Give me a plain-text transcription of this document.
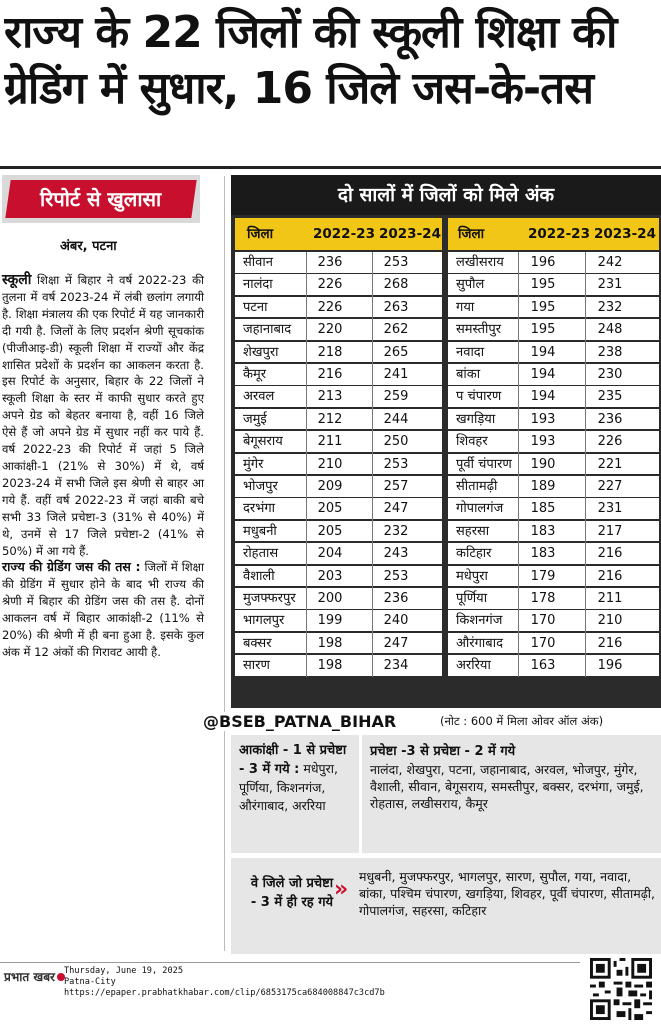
राज्य के 22 जिलों की स्कूली शिक्षा की
ग्रेडिंग में सुधार, 16 जिले जस-के-तस
रिपोर्ट से खुलासा
अंबर, पटना

स्कूली शिक्षा में बिहार ने वर्ष 2022-23 की तुलना में वर्ष 2023-24 में लंबी छलांग लगायी है. शिक्षा मंत्रालय की एक रिपोर्ट में यह जानकारी दी गयी है. जिलों के लिए प्रदर्शन श्रेणी सूचकांक (पीजीआइ-डी) स्कूली शिक्षा में राज्यों और केंद्र शासित प्रदेशों के प्रदर्शन का आकलन करता है. इस रिपोर्ट के अनुसार, बिहार के 22 जिलों ने स्कूली शिक्षा के स्तर में काफी सुधार करते हुए अपने ग्रेड को बेहतर बनाया है, वहीं 16 जिले ऐसे हैं जो अपने ग्रेड में सुधार नहीं कर पाये हैं. वर्ष 2022-23 की रिपोर्ट में जहां 5 जिले आकांक्षी-1 (21% से 30%) में थे, वर्ष 2023-24 में सभी जिले इस श्रेणी से बाहर आ गये हैं. वहीं वर्ष 2022-23 में जहां बाकी बचे सभी 33 जिले प्रचेष्टा-3 (31% से 40%) में थे, उनमें से 17 जिले प्रचेष्टा-2 (41% से 50%) में आ गये हैं.

राज्य की ग्रेडिंग जस की तस : जिलों में शिक्षा की ग्रेडिंग में सुधार होने के बाद भी राज्य की श्रेणी में बिहार की ग्रेडिंग जस की तस है. दोनों आकलन वर्ष में बिहार आकांक्षी-2 (11% से 20%) की श्रेणी में ही बना हुआ है. इसके कुल अंक में 12 अंकों की गिरावट आयी है.

दो सालों में जिलों को मिले अंक
जिला	2022-23 2023-24 जिला	2022-23 2023-24
सीवान	236	253
नालंदा	226	268
पटना	226	263
जहानाबाद	220	262
शेखपुरा	218	265
कैमूर	216	241
अरवल	213	259
जमुई	212	244
बेगूसराय	211	250
मुंगेर	210	253
भोजपुर	209	257
दरभंगा	205	247
मधुबनी	205	232
रोहतास	204	243
वैशाली	203	253
मुजफ्फरपुर	200	236
भागलपुर	199	240
बक्सर	198	247
सारण	198	234
लखीसराय	196	242
सुपौल	195	231
गया	195	232
समस्तीपुर	195	248
नवादा	194	238
बांका	194	230
प चंपारण	194	235
खगड़िया	193	236
शिवहर	193	226
पूर्वी चंपारण	190	221
सीतामढ़ी	189	227
गोपालगंज	185	231
सहरसा	183	217
कटिहार	183	216
मधेपुरा	179	216
पूर्णिया	178	211
किशनगंज	170	210
औरंगाबाद	170	216
अररिया	163	196
(नोट : 600 में मिला ओवर ऑल अंक)
@BSEB_PATNA_BIHAR
आकांक्षी - 1 से प्रचेष्टा - 3 में गये : मधेपुरा, पूर्णिया, किशनगंज, औरंगाबाद, अररिया
प्रचेष्टा -3 से प्रचेष्टा - 2 में गये
नालंदा, शेखपुरा, पटना, जहानाबाद, अरवल, भोजपुर, मुंगेर, वैशाली, सीवान, बेगूसराय, समस्तीपुर, बक्सर, दरभंगा, जमुई, रोहतास, लखीसराय, कैमूर
वे जिले जो प्रचेष्टा - 3 में ही रह गये
मधुबनी, मुजफ्फरपुर, भागलपुर, सारण, सुपौल, गया, नवादा, बांका, पश्चिम चंपारण, खगड़िया, शिवहर, पूर्वी चंपारण, सीतामढ़ी, गोपालगंज, सहरसा, कटिहार
»
प्रभात खबर	Thursday, June 19, 2025
Patna-City
https://epaper.prabhatkhabar.com/clip/6853175ca684008847c3cd7b
